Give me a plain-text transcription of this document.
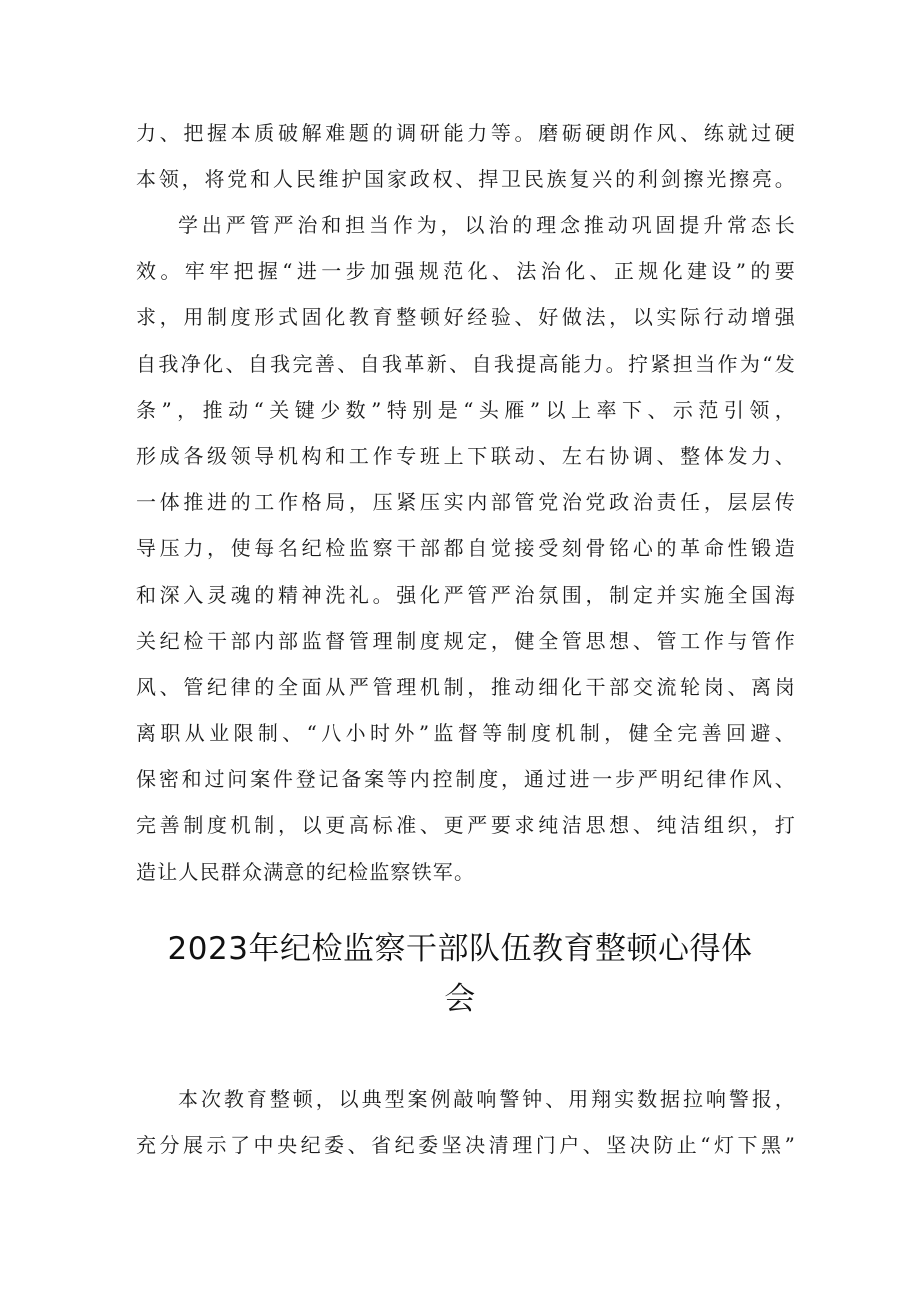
力、把握本质破解难题的调研能力等。磨砺硬朗作风、练就过硬
本领，将党和人民维护国家政权、捍卫民族复兴的利剑擦光擦亮。
学出严管严治和担当作为，以治的理念推动巩固提升常态长
效。牢牢把握“进一步加强规范化、法治化、正规化建设”的要
求，用制度形式固化教育整顿好经验、好做法，以实际行动增强
自我净化、自我完善、自我革新、自我提高能力。拧紧担当作为“发
条”，推动“关键少数”特别是“头雁”以上率下、示范引领，
形成各级领导机构和工作专班上下联动、左右协调、整体发力、
一体推进的工作格局，压紧压实内部管党治党政治责任，层层传
导压力，使每名纪检监察干部都自觉接受刻骨铭心的革命性锻造
和深入灵魂的精神洗礼。强化严管严治氛围，制定并实施全国海
关纪检干部内部监督管理制度规定，健全管思想、管工作与管作
风、管纪律的全面从严管理机制，推动细化干部交流轮岗、离岗
离职从业限制、“八小时外”监督等制度机制，健全完善回避、
保密和过问案件登记备案等内控制度，通过进一步严明纪律作风、
完善制度机制，以更高标准、更严要求纯洁思想、纯洁组织，打
造让人民群众满意的纪检监察铁军。
2023年纪检监察干部队伍教育整顿心得体
会
本次教育整顿，以典型案例敲响警钟、用翔实数据拉响警报，
充分展示了中央纪委、省纪委坚决清理门户、坚决防止“灯下黑”
